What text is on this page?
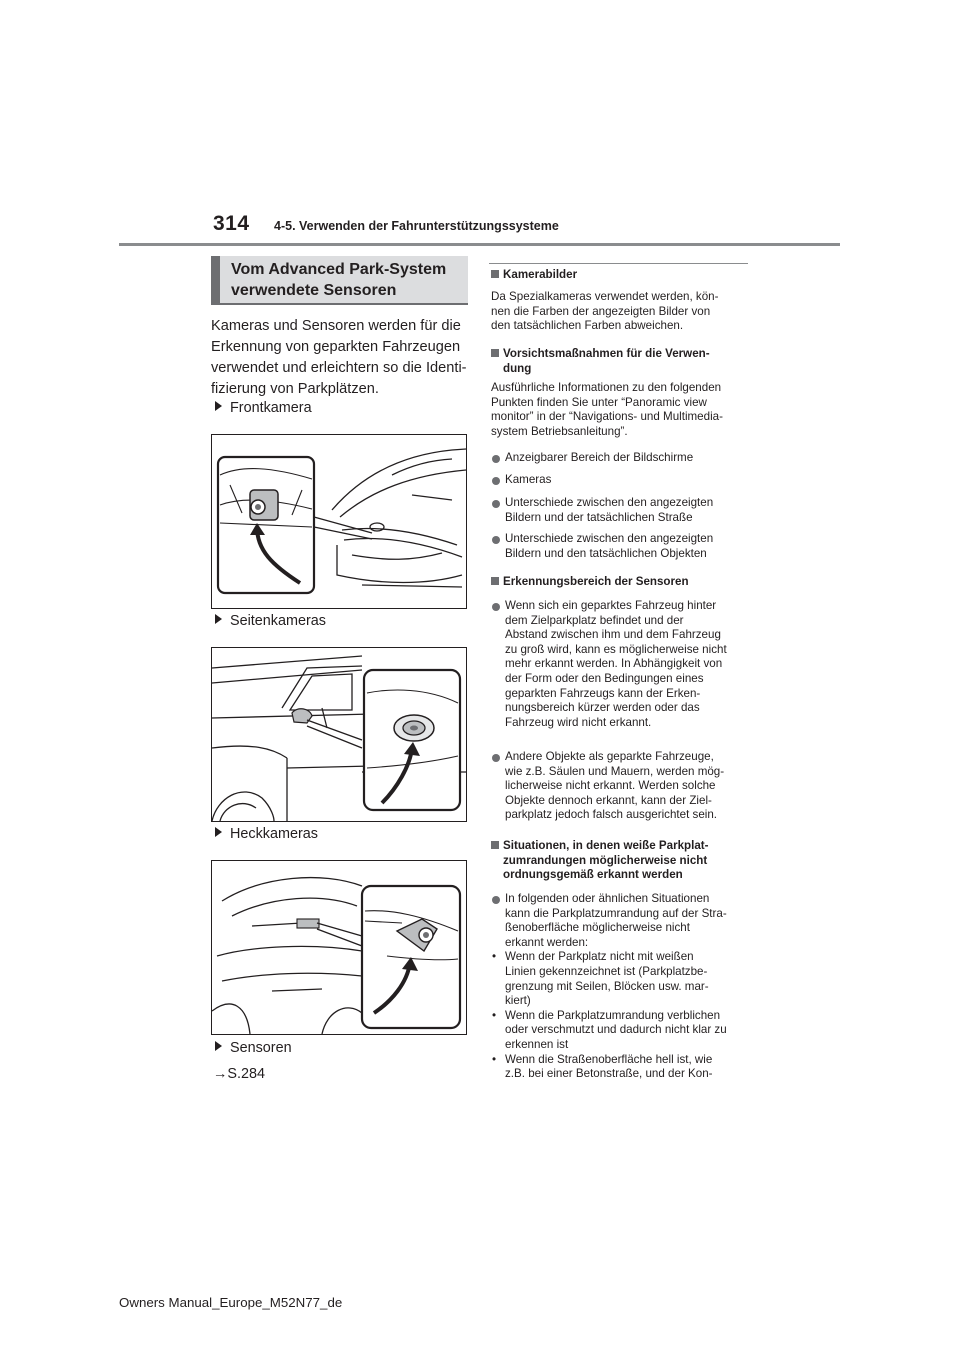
314 4-5. Verwenden der Fahrunterstützungssysteme
Vom Advanced Park-System
verwendete Sensoren
Kameras und Sensoren werden für die Erkennung von geparkten Fahrzeugen verwendet und erleichtern so die Identi-fizierung von Parkplätzen.
Frontkamera
Seitenkameras
Heckkameras
Sensoren
→S.284
Kamerabilder
Da Spezialkameras verwendet werden, kön-
nen die Farben der angezeigten Bilder von
den tatsächlichen Farben abweichen.
Vorsichtsmaßnahmen für die Verwen-
dung
Ausführliche Informationen zu den folgenden
Punkten finden Sie unter “Panoramic view
monitor” in der “Navigations- und Multimedia-
system Betriebsanleitung”.
Anzeigbarer Bereich der Bildschirme
Kameras
Unterschiede zwischen den angezeigten
Bildern und der tatsächlichen Straße
Unterschiede zwischen den angezeigten
Bildern und den tatsächlichen Objekten
Erkennungsbereich der Sensoren
Wenn sich ein geparktes Fahrzeug hinter
dem Zielparkplatz befindet und der
Abstand zwischen ihm und dem Fahrzeug
zu groß wird, kann es möglicherweise nicht
mehr erkannt werden. In Abhängigkeit von
der Form oder den Bedingungen eines
geparkten Fahrzeugs kann der Erken-
nungsbereich kürzer werden oder das
Fahrzeug wird nicht erkannt.
Andere Objekte als geparkte Fahrzeuge,
wie z.B. Säulen und Mauern, werden mög-
licherweise nicht erkannt. Werden solche
Objekte dennoch erkannt, kann der Ziel-
parkplatz jedoch falsch ausgerichtet sein.
Situationen, in denen weiße Parkplat-
zumrandungen möglicherweise nicht
ordnungsgemäß erkannt werden
In folgenden oder ähnlichen Situationen
kann die Parkplatzumrandung auf der Stra-
ßenoberfläche möglicherweise nicht
erkannt werden:
• Wenn der Parkplatz nicht mit weißen
Linien gekennzeichnet ist (Parkplatzbe-
grenzung mit Seilen, Blöcken usw. mar-
kiert)
• Wenn die Parkplatzumrandung verblichen
oder verschmutzt und dadurch nicht klar zu
erkennen ist
• Wenn die Straßenoberfläche hell ist, wie
z.B. bei einer Betonstraße, und der Kon-
Owners Manual_Europe_M52N77_de
